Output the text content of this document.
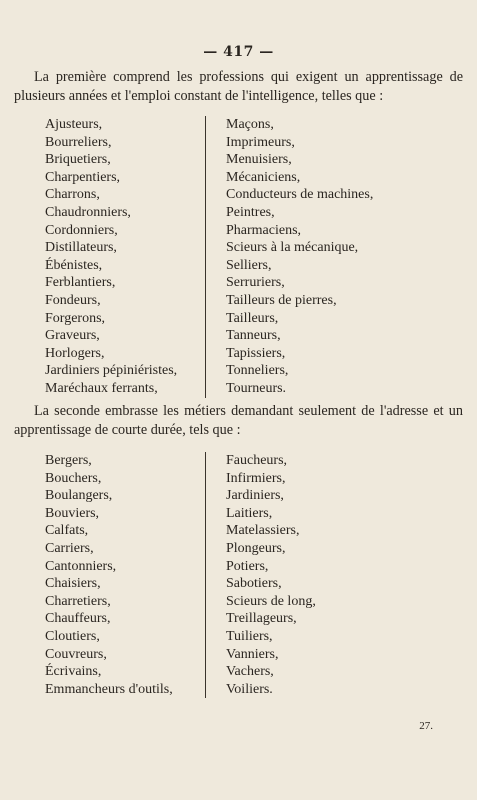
— 417 —
La première comprend les professions qui exigent un apprentissage de plusieurs années et l'emploi constant de l'intelligence, telles que :
Ajusteurs,
Bourreliers,
Briquetiers,
Charpentiers,
Charrons,
Chaudronniers,
Cordonniers,
Distillateurs,
Ébénistes,
Ferblantiers,
Fondeurs,
Forgerons,
Graveurs,
Horlogers,
Jardiniers pépiniéristes,
Maréchaux ferrants,
Maçons,
Imprimeurs,
Menuisiers,
Mécaniciens,
Conducteurs de machines,
Peintres,
Pharmaciens,
Scieurs à la mécanique,
Selliers,
Serruriers,
Tailleurs de pierres,
Tailleurs,
Tanneurs,
Tapissiers,
Tonneliers,
Tourneurs.
La seconde embrasse les métiers demandant seulement de l'adresse et un apprentissage de courte durée, tels que :
Bergers,
Bouchers,
Boulangers,
Bouviers,
Calfats,
Carriers,
Cantonniers,
Chaisiers,
Charretiers,
Chauffeurs,
Cloutiers,
Couvreurs,
Écrivains,
Emmancheurs d'outils,
Faucheurs,
Infirmiers,
Jardiniers,
Laitiers,
Matelassiers,
Plongeurs,
Potiers,
Sabotiers,
Scieurs de long,
Treillageurs,
Tuiliers,
Vanniers,
Vachers,
Voiliers.
27.
